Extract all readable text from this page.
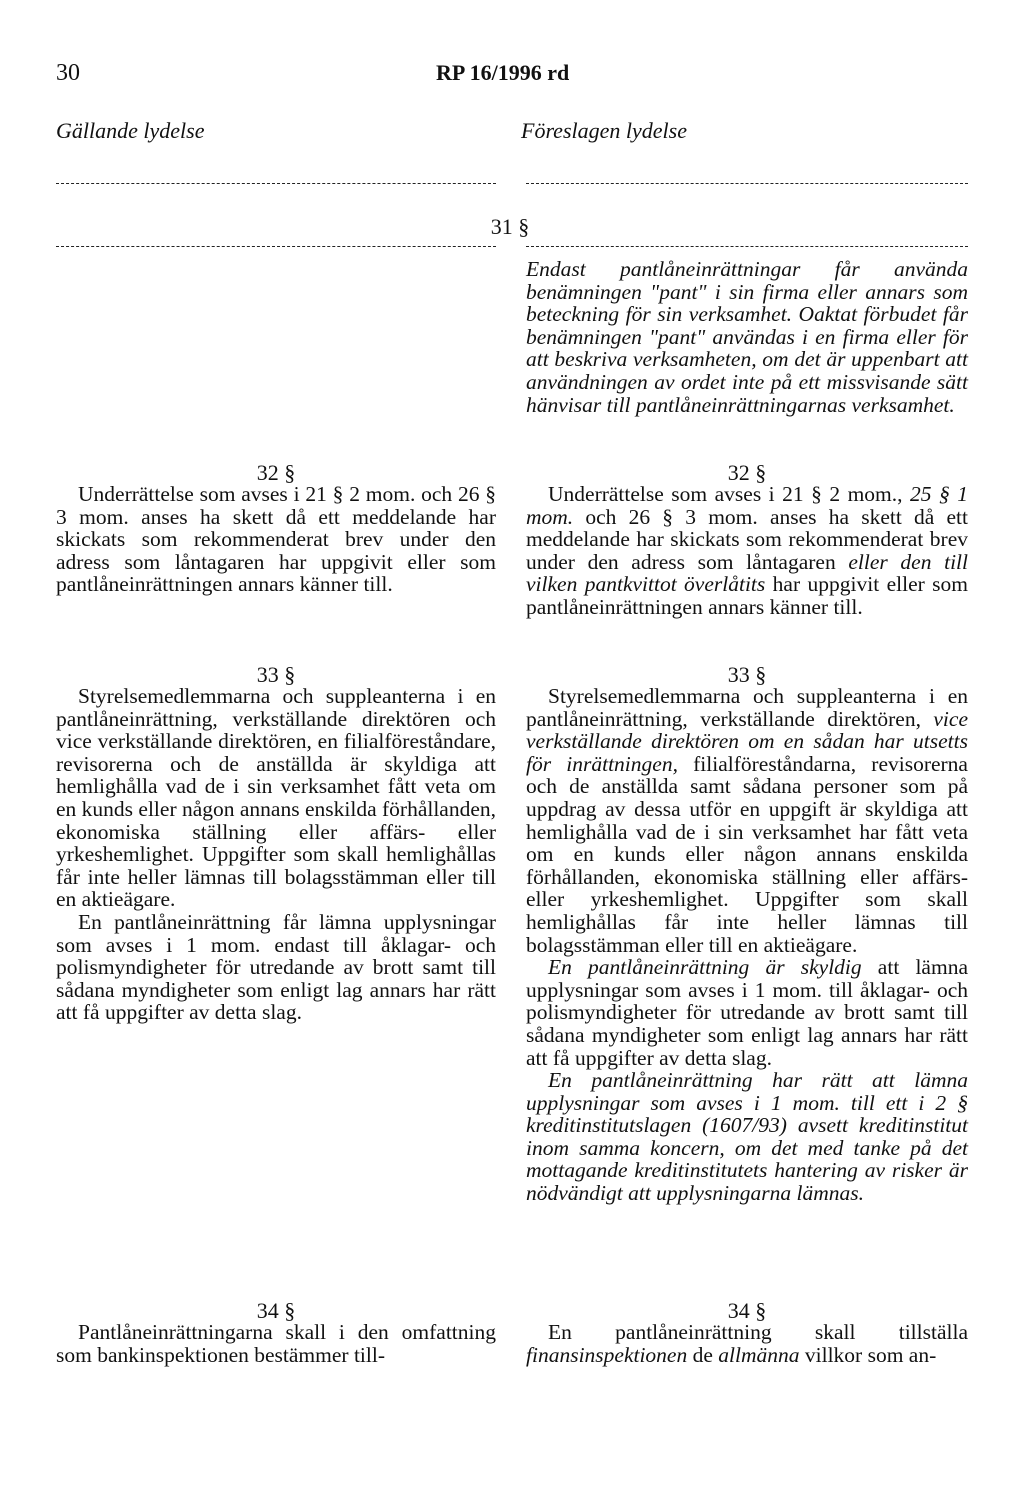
30	RP 16/1996 rd
Gällande lydelse	Föreslagen lydelse
31 §

Endast pantlåneinrättningar får använda benämningen "pant" i sin firma eller annars som beteckning för sin verksamhet. Oaktat förbudet får benämningen "pant" användas i en firma eller för att beskriva verksamheten, om det är uppenbart att användningen av ordet inte på ett missvisande sätt hänvisar till pantlåneinrättningarnas verksamhet.

32 §	32 §

Underrättelse som avses i 21 § 2 mom. och 26 § 3 mom. anses ha skett då ett meddelande har skickats som rekommenderat brev under den adress som låntagaren har uppgivit eller som pantlåneinrättningen annars känner till.

Underrättelse som avses i 21 § 2 mom., 25 § 1 mom. och 26 § 3 mom. anses ha skett då ett meddelande har skickats som rekommenderat brev under den adress som låntagaren eller den till vilken pantkvittot överlåtits har uppgivit eller som pantlåneinrättningen annars känner till.

33 §	33 §

Styrelsemedlemmarna och suppleanterna i en pantlåneinrättning, verkställande direktören och vice verkställande direktören, en filialföreståndare, revisorerna och de anställda är skyldiga att hemlighålla vad de i sin verksamhet fått veta om en kunds eller någon annans enskilda förhållanden, ekonomiska ställning eller affärs- eller yrkeshemlighet. Uppgifter som skall hemlighållas får inte heller lämnas till bolagsstämman eller till en aktieägare.

En pantlåneinrättning får lämna upplysningar som avses i 1 mom. endast till åklagar- och polismyndigheter för utredande av brott samt till sådana myndigheter som enligt lag annars har rätt att få uppgifter av detta slag.

Styrelsemedlemmarna och suppleanterna i en pantlåneinrättning, verkställande direktören, vice verkställande direktören om en sådan har utsetts för inrättningen, filialföreståndarna, revisorerna och de anställda samt sådana personer som på uppdrag av dessa utför en uppgift är skyldiga att hemlighålla vad de i sin verksamhet har fått veta om en kunds eller någon annans enskilda förhållanden, ekonomiska ställning eller affärs- eller yrkeshemlighet. Uppgifter som skall hemlighållas får inte heller lämnas till bolagsstämman eller till en aktieägare.

En pantlåneinrättning är skyldig att lämna upplysningar som avses i 1 mom. till åklagar- och polismyndigheter för utredande av brott samt till sådana myndigheter som enligt lag annars har rätt att få uppgifter av detta slag.

En pantlåneinrättning har rätt att lämna upplysningar som avses i 1 mom. till ett i 2 § kreditinstitutslagen (1607/93) avsett kreditinstitut inom samma koncern, om det med tanke på det mottagande kreditinstitutets hantering av risker är nödvändigt att upplysningarna lämnas.

34 §	34 §

Pantlåneinrättningarna skall i den omfattning som bankinspektionen bestämmer till-

En pantlåneinrättning skall tillställa finansinspektionen de allmänna villkor som an-
